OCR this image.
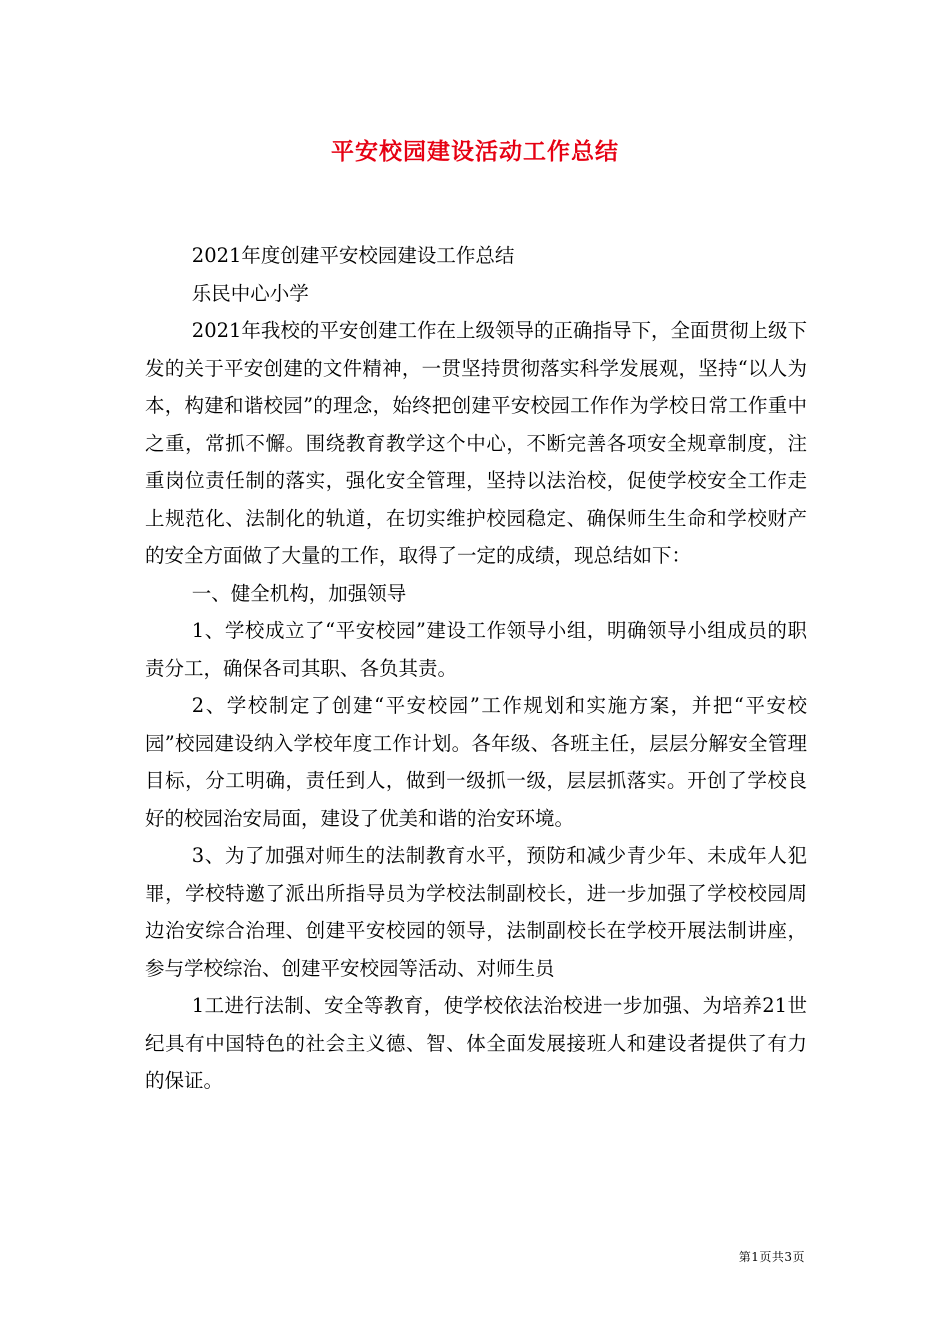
平安校园建设活动工作总结

2021年度创建平安校园建设工作总结

乐民中心小学

2021年我校的平安创建工作在上级领导的正确指导下，全面贯彻上级下发的关于平安创建的文件精神，一贯坚持贯彻落实科学发展观，坚持“以人为本，构建和谐校园”的理念，始终把创建平安校园工作作为学校日常工作重中之重，常抓不懈。围绕教育教学这个中心，不断完善各项安全规章制度，注重岗位责任制的落实，强化安全管理，坚持以法治校，促使学校安全工作走上规范化、法制化的轨道，在切实维护校园稳定、确保师生生命和学校财产的安全方面做了大量的工作，取得了一定的成绩，现总结如下：

一、健全机构，加强领导

1、学校成立了“平安校园”建设工作领导小组，明确领导小组成员的职责分工，确保各司其职、各负其责。

2、学校制定了创建“平安校园”工作规划和实施方案，并把“平安校园”校园建设纳入学校年度工作计划。各年级、各班主任，层层分解安全管理目标，分工明确，责任到人，做到一级抓一级，层层抓落实。开创了学校良好的校园治安局面，建设了优美和谐的治安环境。

3、为了加强对师生的法制教育水平，预防和减少青少年、未成年人犯罪，学校特邀了派出所指导员为学校法制副校长，进一步加强了学校校园周边治安综合治理、创建平安校园的领导，法制副校长在学校开展法制讲座，参与学校综治、创建平安校园等活动、对师生员

1工进行法制、安全等教育，使学校依法治校进一步加强、为培养21世纪具有中国特色的社会主义德、智、体全面发展接班人和建设者提供了有力的保证。

第1页共3页
